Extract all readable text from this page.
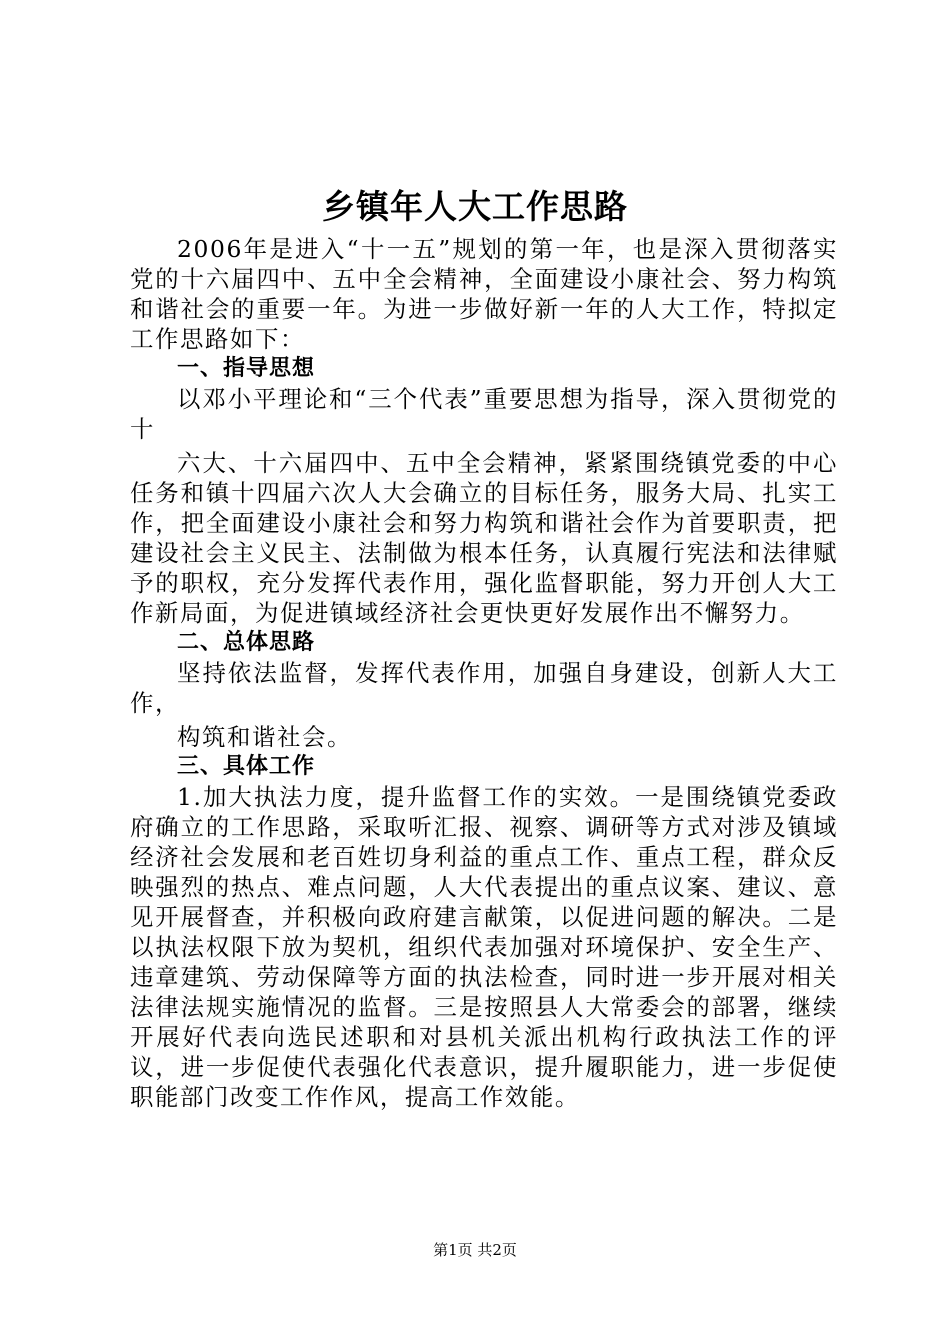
乡镇年人大工作思路

2006年是进入“十一五”规划的第一年，也是深入贯彻落实党的十六届四中、五中全会精神，全面建设小康社会、努力构筑和谐社会的重要一年。为进一步做好新一年的人大工作，特拟定工作思路如下：

一、指导思想

以邓小平理论和“三个代表”重要思想为指导，深入贯彻党的十

六大、十六届四中、五中全会精神，紧紧围绕镇党委的中心任务和镇十四届六次人大会确立的目标任务，服务大局、扎实工作，把全面建设小康社会和努力构筑和谐社会作为首要职责，把建设社会主义民主、法制做为根本任务，认真履行宪法和法律赋予的职权，充分发挥代表作用，强化监督职能，努力开创人大工作新局面，为促进镇域经济社会更快更好发展作出不懈努力。

二、总体思路

坚持依法监督，发挥代表作用，加强自身建设，创新人大工作，

构筑和谐社会。

三、具体工作

1.加大执法力度，提升监督工作的实效。一是围绕镇党委政府确立的工作思路，采取听汇报、视察、调研等方式对涉及镇域经济社会发展和老百姓切身利益的重点工作、重点工程，群众反映强烈的热点、难点问题，人大代表提出的重点议案、建议、意见开展督查，并积极向政府建言献策，以促进问题的解决。二是以执法权限下放为契机，组织代表加强对环境保护、安全生产、违章建筑、劳动保障等方面的执法检查，同时进一步开展对相关法律法规实施情况的监督。三是按照县人大常委会的部署，继续开展好代表向选民述职和对县机关派出机构行政执法工作的评议，进一步促使代表强化代表意识，提升履职能力，进一步促使职能部门改变工作作风，提高工作效能。

第1页 共2页
